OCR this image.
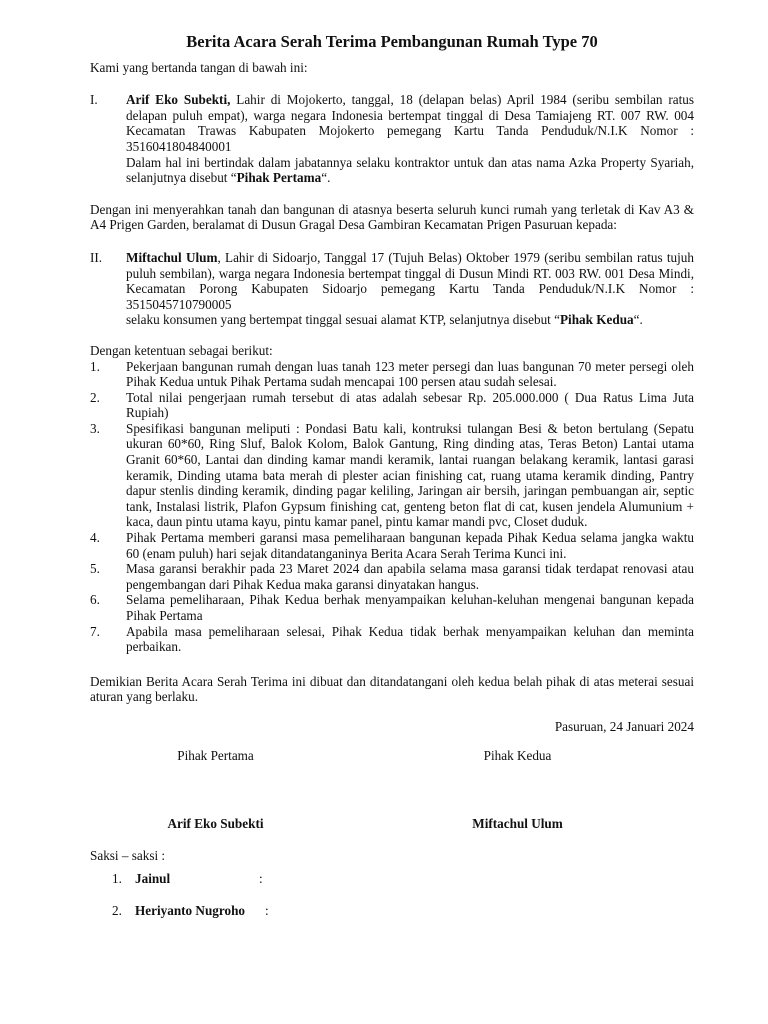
Berita Acara Serah Terima Pembangunan Rumah Type 70

Kami yang bertanda tangan di bawah ini:

I.	Arif Eko Subekti, Lahir di Mojokerto, tanggal, 18 (delapan belas) April 1984 (seribu sembilan ratus delapan puluh empat), warga negara Indonesia bertempat tinggal di Desa Tamiajeng RT. 007 RW. 004 Kecamatan Trawas Kabupaten Mojokerto pemegang Kartu Tanda Penduduk/N.I.K Nomor : 3516041804840001

Dalam hal ini bertindak dalam jabatannya selaku kontraktor untuk dan atas nama Azka Property Syariah, selanjutnya disebut “Pihak Pertama“.

Dengan ini menyerahkan tanah dan bangunan di atasnya beserta seluruh kunci rumah yang terletak di Kav A3 & A4 Prigen Garden, beralamat di Dusun Gragal Desa Gambiran Kecamatan Prigen Pasuruan kepada:

II.	Miftachul Ulum, Lahir di Sidoarjo, Tanggal 17 (Tujuh Belas) Oktober 1979 (seribu sembilan ratus tujuh puluh sembilan), warga negara Indonesia bertempat tinggal di Dusun Mindi RT. 003 RW. 001 Desa Mindi, Kecamatan Porong Kabupaten Sidoarjo pemegang Kartu Tanda Penduduk/N.I.K Nomor : 3515045710790005

selaku konsumen yang bertempat tinggal sesuai alamat KTP, selanjutnya disebut “Pihak Kedua“.

Dengan ketentuan sebagai berikut:

1.	Pekerjaan bangunan rumah dengan luas tanah 123 meter persegi dan luas bangunan 70 meter persegi oleh Pihak Kedua untuk Pihak Pertama sudah mencapai 100 persen atau sudah selesai.
2.	Total nilai pengerjaan rumah tersebut di atas adalah sebesar Rp. 205.000.000 ( Dua Ratus Lima Juta Rupiah)
3.	Spesifikasi bangunan meliputi : Pondasi Batu kali, kontruksi tulangan Besi & beton bertulang (Sepatu ukuran 60*60, Ring Sluf, Balok Kolom, Balok Gantung, Ring dinding atas, Teras Beton) Lantai utama Granit 60*60, Lantai dan dinding kamar mandi keramik, lantai ruangan belakang keramik, lantasi garasi keramik, Dinding utama bata merah di plester acian finishing cat, ruang utama keramik dinding, Pantry dapur stenlis dinding keramik, dinding pagar keliling, Jaringan air bersih, jaringan pembuangan air, septic tank, Instalasi listrik, Plafon Gypsum finishing cat, genteng beton flat di cat, kusen jendela Alumunium + kaca, daun pintu utama kayu, pintu kamar panel, pintu kamar mandi pvc, Closet duduk.
4.	Pihak Pertama memberi garansi masa pemeliharaan bangunan kepada Pihak Kedua selama jangka waktu 60 (enam puluh) hari sejak ditandatanganinya Berita Acara Serah Terima Kunci ini.
5.	Masa garansi berakhir pada 23 Maret 2024 dan apabila selama masa garansi tidak terdapat renovasi atau pengembangan dari Pihak Kedua maka garansi dinyatakan hangus.
6.	Selama pemeliharaan, Pihak Kedua berhak menyampaikan keluhan-keluhan mengenai bangunan kepada Pihak Pertama
7.	Apabila masa pemeliharaan selesai, Pihak Kedua tidak berhak menyampaikan keluhan dan meminta perbaikan.

Demikian Berita Acara Serah Terima ini dibuat dan ditandatangani oleh kedua belah pihak di atas meterai sesuai aturan yang berlaku.

Pasuruan, 24 Januari 2024

Pihak Pertama	Pihak Kedua
Arif Eko Subekti	Miftachul Ulum

Saksi – saksi :

1. Jainul	:
2. Heriyanto Nugroho	:
